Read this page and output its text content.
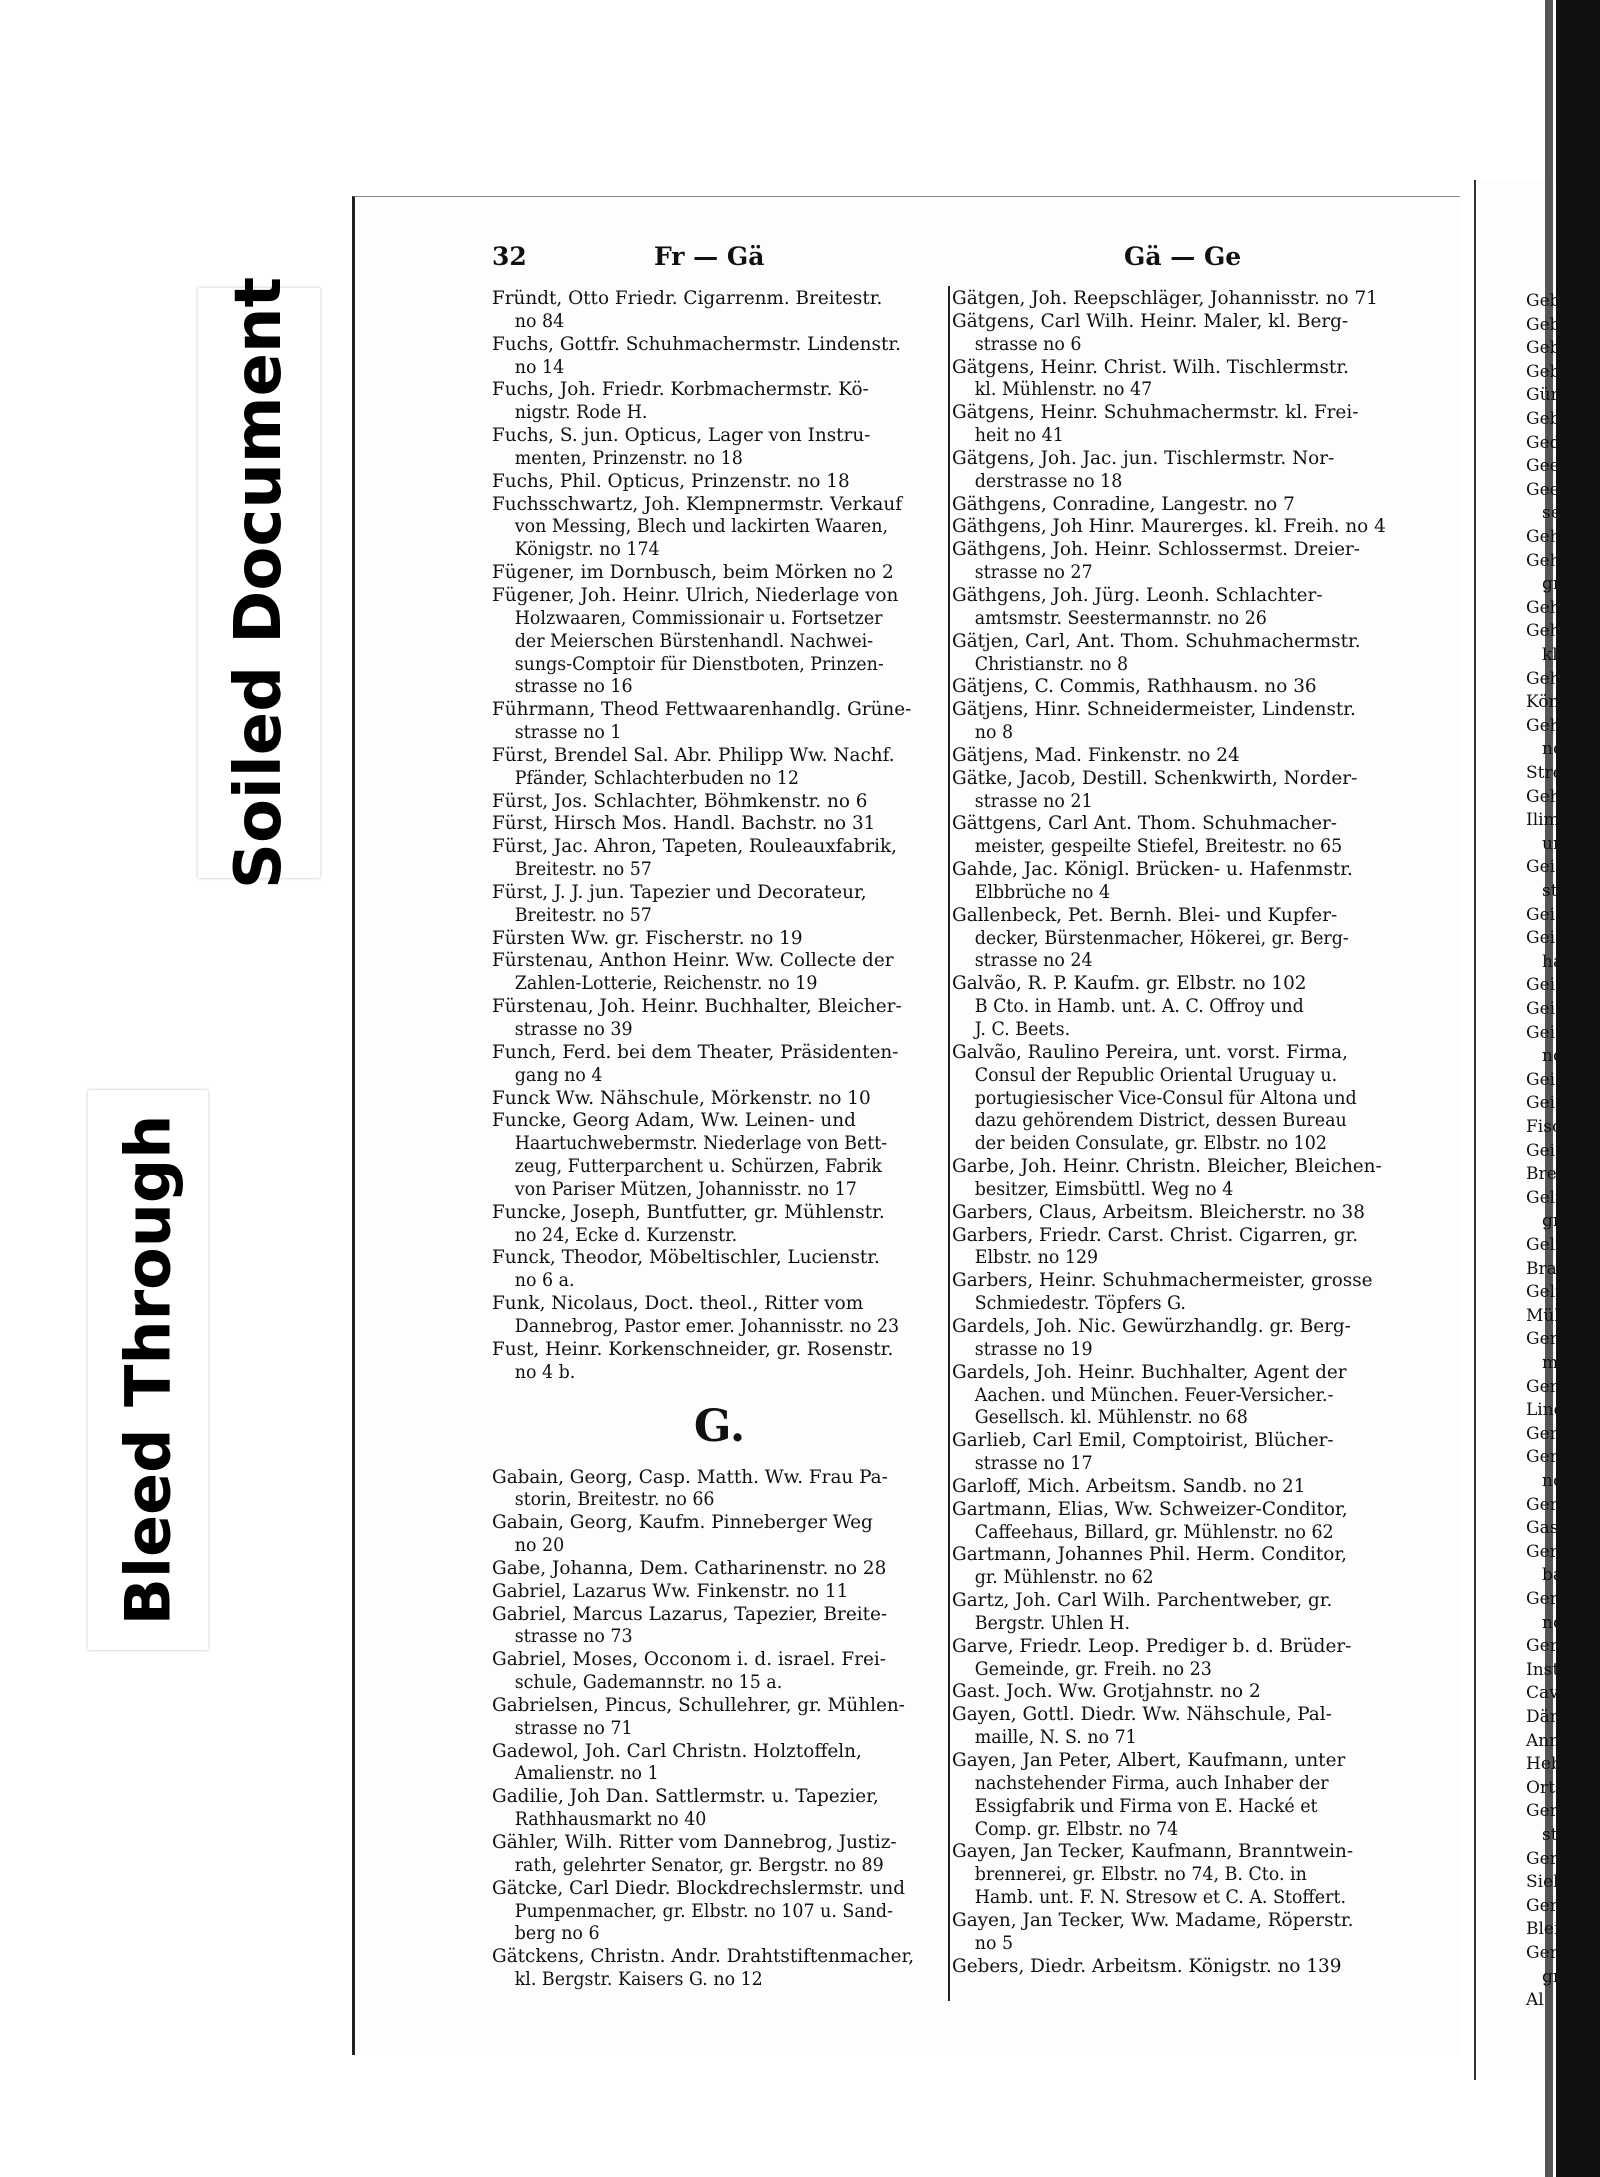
Soiled Document
Bleed Through
32	Fr — Gä	Gä — Ge
Fründt, Otto Friedr. Cigarrenm. Breitestr.
no 84
Fuchs, Gottfr. Schuhmachermstr. Lindenstr.
no 14
Fuchs, Joh. Friedr. Korbmachermstr. Kö-
nigstr. Rode H.
Fuchs, S. jun. Opticus, Lager von Instru-
menten, Prinzenstr. no 18
Fuchs, Phil. Opticus, Prinzenstr. no 18
Fuchsschwartz, Joh. Klempnermstr. Verkauf
von Messing, Blech und lackirten Waaren,
Königstr. no 174
Fügener, im Dornbusch, beim Mörken no 2
Fügener, Joh. Heinr. Ulrich, Niederlage von
Holzwaaren, Commissionair u. Fortsetzer
der Meierschen Bürstenhandl. Nachwei-
sungs-Comptoir für Dienstboten, Prinzen-
strasse no 16
Führmann, Theod Fettwaarenhandlg. Grüne-
strasse no 1
Fürst, Brendel Sal. Abr. Philipp Ww. Nachf.
Pfänder, Schlachterbuden no 12
Fürst, Jos. Schlachter, Böhmkenstr. no 6
Fürst, Hirsch Mos. Handl. Bachstr. no 31
Fürst, Jac. Ahron, Tapeten, Rouleauxfabrik,
Breitestr. no 57
Fürst, J. J. jun. Tapezier und Decorateur,
Breitestr. no 57
Fürsten Ww. gr. Fischerstr. no 19
Fürstenau, Anthon Heinr. Ww. Collecte der
Zahlen-Lotterie, Reichenstr. no 19
Fürstenau, Joh. Heinr. Buchhalter, Bleicher-
strasse no 39
Funch, Ferd. bei dem Theater, Präsidenten-
gang no 4
Funck Ww. Nähschule, Mörkenstr. no 10
Funcke, Georg Adam, Ww. Leinen- und
Haartuchwebermstr. Niederlage von Bett-
zeug, Futterparchent u. Schürzen, Fabrik
von Pariser Mützen, Johannisstr. no 17
Funcke, Joseph, Buntfutter, gr. Mühlenstr.
no 24, Ecke d. Kurzenstr.
Funck, Theodor, Möbeltischler, Lucienstr.
no 6 a.
Funk, Nicolaus, Doct. theol., Ritter vom
Dannebrog, Pastor emer. Johannisstr. no 23
Fust, Heinr. Korkenschneider, gr. Rosenstr.
no 4 b.
G.
Gabain, Georg, Casp. Matth. Ww. Frau Pa-
storin, Breitestr. no 66
Gabain, Georg, Kaufm. Pinneberger Weg
no 20
Gabe, Johanna, Dem. Catharinenstr. no 28
Gabriel, Lazarus Ww. Finkenstr. no 11
Gabriel, Marcus Lazarus, Tapezier, Breite-
strasse no 73
Gabriel, Moses, Occonom i. d. israel. Frei-
schule, Gademannstr. no 15 a.
Gabrielsen, Pincus, Schullehrer, gr. Mühlen-
strasse no 71
Gadewol, Joh. Carl Christn. Holztoffeln,
Amalienstr. no 1
Gadilie, Joh Dan. Sattlermstr. u. Tapezier,
Rathhausmarkt no 40
Gähler, Wilh. Ritter vom Dannebrog, Justiz-
rath, gelehrter Senator, gr. Bergstr. no 89
Gätcke, Carl Diedr. Blockdrechslermstr. und
Pumpenmacher, gr. Elbstr. no 107 u. Sand-
berg no 6
Gätckens, Christn. Andr. Drahtstiftenmacher,
kl. Bergstr. Kaisers G. no 12
Gätgen, Joh. Reepschläger, Johannisstr. no 71
Gätgens, Carl Wilh. Heinr. Maler, kl. Berg-
strasse no 6
Gätgens, Heinr. Christ. Wilh. Tischlermstr.
kl. Mühlenstr. no 47
Gätgens, Heinr. Schuhmachermstr. kl. Frei-
heit no 41
Gätgens, Joh. Jac. jun. Tischlermstr. Nor-
derstrasse no 18
Gäthgens, Conradine, Langestr. no 7
Gäthgens, Joh Hinr. Maurerges. kl. Freih. no 4
Gäthgens, Joh. Heinr. Schlossermst. Dreier-
strasse no 27
Gäthgens, Joh. Jürg. Leonh. Schlachter-
amtsmstr. Seestermannstr. no 26
Gätjen, Carl, Ant. Thom. Schuhmachermstr.
Christianstr. no 8
Gätjens, C. Commis, Rathhausm. no 36
Gätjens, Hinr. Schneidermeister, Lindenstr.
no 8
Gätjens, Mad. Finkenstr. no 24
Gätke, Jacob, Destill. Schenkwirth, Norder-
strasse no 21
Gättgens, Carl Ant. Thom. Schuhmacher-
meister, gespeilte Stiefel, Breitestr. no 65
Gahde, Jac. Königl. Brücken- u. Hafenmstr.
Elbbrüche no 4
Gallenbeck, Pet. Bernh. Blei- und Kupfer-
decker, Bürstenmacher, Hökerei, gr. Berg-
strasse no 24
Galvão, R. P. Kaufm. gr. Elbstr. no 102
B Cto. in Hamb. unt. A. C. Offroy und
J. C. Beets.
Galvão, Raulino Pereira, unt. vorst. Firma,
Consul der Republic Oriental Uruguay u.
portugiesischer Vice-Consul für Altona und
dazu gehörendem District, dessen Bureau
der beiden Consulate, gr. Elbstr. no 102
Garbe, Joh. Heinr. Christn. Bleicher, Bleichen-
besitzer, Eimsbüttl. Weg no 4
Garbers, Claus, Arbeitsm. Bleicherstr. no 38
Garbers, Friedr. Carst. Christ. Cigarren, gr.
Elbstr. no 129
Garbers, Heinr. Schuhmachermeister, grosse
Schmiedestr. Töpfers G.
Gardels, Joh. Nic. Gewürzhandlg. gr. Berg-
strasse no 19
Gardels, Joh. Heinr. Buchhalter, Agent der
Aachen. und München. Feuer-Versicher.-
Gesellsch. kl. Mühlenstr. no 68
Garlieb, Carl Emil, Comptoirist, Blücher-
strasse no 17
Garloff, Mich. Arbeitsm. Sandb. no 21
Gartmann, Elias, Ww. Schweizer-Conditor,
Caffeehaus, Billard, gr. Mühlenstr. no 62
Gartmann, Johannes Phil. Herm. Conditor,
gr. Mühlenstr. no 62
Gartz, Joh. Carl Wilh. Parchentweber, gr.
Bergstr. Uhlen H.
Garve, Friedr. Leop. Prediger b. d. Brüder-
Gemeinde, gr. Freih. no 23
Gast. Joch. Ww. Grotjahnstr. no 2
Gayen, Gottl. Diedr. Ww. Nähschule, Pal-
maille, N. S. no 71
Gayen, Jan Peter, Albert, Kaufmann, unter
nachstehender Firma, auch Inhaber der
Essigfabrik und Firma von E. Hacké et
Comp. gr. Elbstr. no 74
Gayen, Jan Tecker, Kaufmann, Branntwein-
brennerei, gr. Elbstr. no 74, B. Cto. in
Hamb. unt. F. N. Stresow et C. A. Stoffert.
Gayen, Jan Tecker, Ww. Madame, Röperstr.
no 5
Gebers, Diedr. Arbeitsm. Königstr. no 139
Gebers
Gebers
Gebhar
Gebhar
Gürt
Gebhar
Gedike
Geef, J
Geertz,
senst
Gehle,
Gehm
gr. B
Gehn,
Gehrdt
kl. B
Gehrdt
Köni
Gehrt,
no 1
Stres
Gehrt,
Ilim
unt.
Geisler
stras
Geisler
Geisler
haus
Geist, M
Geist V
Geister
no 5
Geister
Geister
Fisch
Geister
Breit
Gelien,
gr. M
Gelien,
Brau
Gelmro
Mühl
Gendel
maill
Gent, J
Linde
Gentsch
Gerber,
no 4
Gerber
Gastw
Gerber,
bahn,
Gercke,
no 1
Gercke,
Instru
Cava
Däni
Anna
Heba
Ortsc
Gercken
stras
Gercken
Siebl
Gercken
Bleic
Gercken
gr. F
Al
